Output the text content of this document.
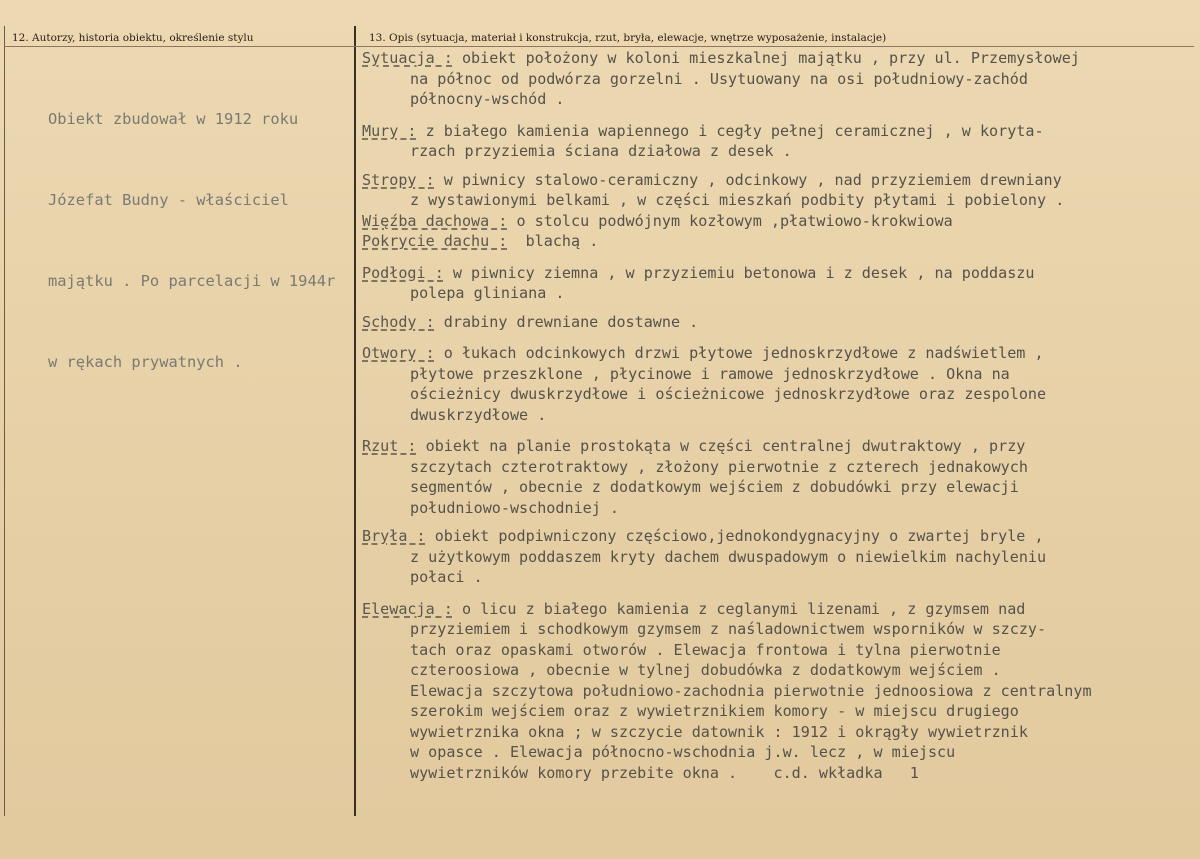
12. Autorzy, historia obiektu, określenie stylu	13. Opis (sytuacja, materiał i konstrukcja, rzut, bryła, elewacje, wnętrze wyposażenie, instalacje)

Obiekt zbudował w 1912 roku

Józefat Budny - właściciel

majątku . Po parcelacji w 1944r

w rękach prywatnych .

Sytuacja : obiekt położony w koloni mieszkalnej majątku , przy ul. Przemysłowej
na północ od podwórza gorzelni . Usytuowany na osi południowy-zachód
północny-wschód .
Mury : z białego kamienia wapiennego i cegły pełnej ceramicznej , w koryta-
rzach przyziemia ściana działowa z desek .
Stropy : w piwnicy stalowo-ceramiczny , odcinkowy , nad przyziemiem drewniany
z wystawionymi belkami , w części mieszkań podbity płytami i pobielony .
Więźba dachowa : o stolcu podwójnym kozłowym ,płatwiowo-krokwiowa
Pokrycie dachu :  blachą .
Podłogi : w piwnicy ziemna , w przyziemiu betonowa i z desek , na poddaszu
polepa gliniana .
Schody : drabiny drewniane dostawne .
Otwory : o łukach odcinkowych drzwi płytowe jednoskrzydłowe z nadświetlem ,
płytowe przeszklone , płycinowe i ramowe jednoskrzydłowe . Okna na
ościeżnicy dwuskrzydłowe i ościeżnicowe jednoskrzydłowe oraz zespolone
dwuskrzydłowe .
Rzut : obiekt na planie prostokąta w części centralnej dwutraktowy , przy
szczytach czterotraktowy , złożony pierwotnie z czterech jednakowych
segmentów , obecnie z dodatkowym wejściem z dobudówki przy elewacji
południowo-wschodniej .
Bryła : obiekt podpiwniczony częściowo,jednokondygnacyjny o zwartej bryle ,
z użytkowym poddaszem kryty dachem dwuspadowym o niewielkim nachyleniu
połaci .
Elewacja : o licu z białego kamienia z ceglanymi lizenami , z gzymsem nad
przyziemiem i schodkowym gzymsem z naśladownictwem wsporników w szczy-
tach oraz opaskami otworów . Elewacja frontowa i tylna pierwotnie
czteroosiowa , obecnie w tylnej dobudówka z dodatkowym wejściem .
Elewacja szczytowa południowo-zachodnia pierwotnie jednoosiowa z centralnym
szerokim wejściem oraz z wywietrznikiem komory - w miejscu drugiego
wywietrznika okna ; w szczycie datownik : 1912 i okrągły wywietrznik
w opasce . Elewacja północno-wschodnia j.w. lecz , w miejscu
wywietrzników komory przebite okna .    c.d. wkładka   1
